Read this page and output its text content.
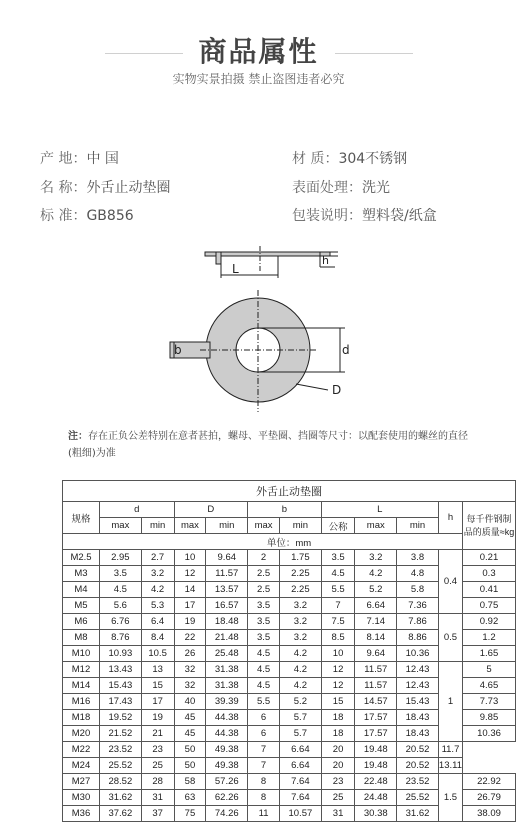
商品属性
实物实景拍摄 禁止盗图违者必究
产 地：中 国
名 称：外舌止动垫圈
标 准：GB856
材 质：304不锈钢
表面处理：洗光
包装说明：塑料袋/纸盒
L
h
b	d
D
注：存在正负公差特别在意者甚拍，螺母、平垫圈、挡圈等尺寸：以配套使用的螺丝的直径(粗细)为准
外舌止动垫圈											
规格	d		D		b		L			h	每千件钢制品的质量≈kg
	max	min	max	min	max	min	公称	max	min		
单位：mm											
M2.5	2.95	2.7	10	9.64	2	1.75	3.5	3.2	3.8	0.4	0.21
M3	3.5	3.2	12	11.57	2.5	2.25	4.5	4.2	4.8		0.3
M4	4.5	4.2	14	13.57	2.5	2.25	5.5	5.2	5.8		0.41
M5	5.6	5.3	17	16.57	3.5	3.2	7	6.64	7.36		0.75
M6	6.76	6.4	19	18.48	3.5	3.2	7.5	7.14	7.86	0.5	0.92
M8	8.76	8.4	22	21.48	3.5	3.2	8.5	8.14	8.86		1.2
M10	10.93	10.5	26	25.48	4.5	4.2	10	9.64	10.36		1.65
M12	13.43	13	32	31.38	4.5	4.2	12	11.57	12.43	1	5
M14	15.43	15	32	31.38	4.5	4.2	12	11.57	12.43		4.65
M16	17.43	17	40	39.39	5.5	5.2	15	14.57	15.43		7.73
M18	19.52	19	45	44.38	6	5.7	18	17.57	18.43		9.85
M20	21.52	21	45	44.38	6	5.7	18	17.57	18.43		10.36
M22	23.52	23	50	49.38	7	6.64	20	19.48	20.52	11.7	
M24	25.52	25	50	49.38	7	6.64	20	19.48	20.52	13.11	
M27	28.52	28	58	57.26	8	7.64	23	22.48	23.52	1.5	22.92
M30	31.62	31	63	62.26	8	7.64	25	24.48	25.52		26.79
M36	37.62	37	75	74.26	11	10.57	31	30.38	31.62		38.09
